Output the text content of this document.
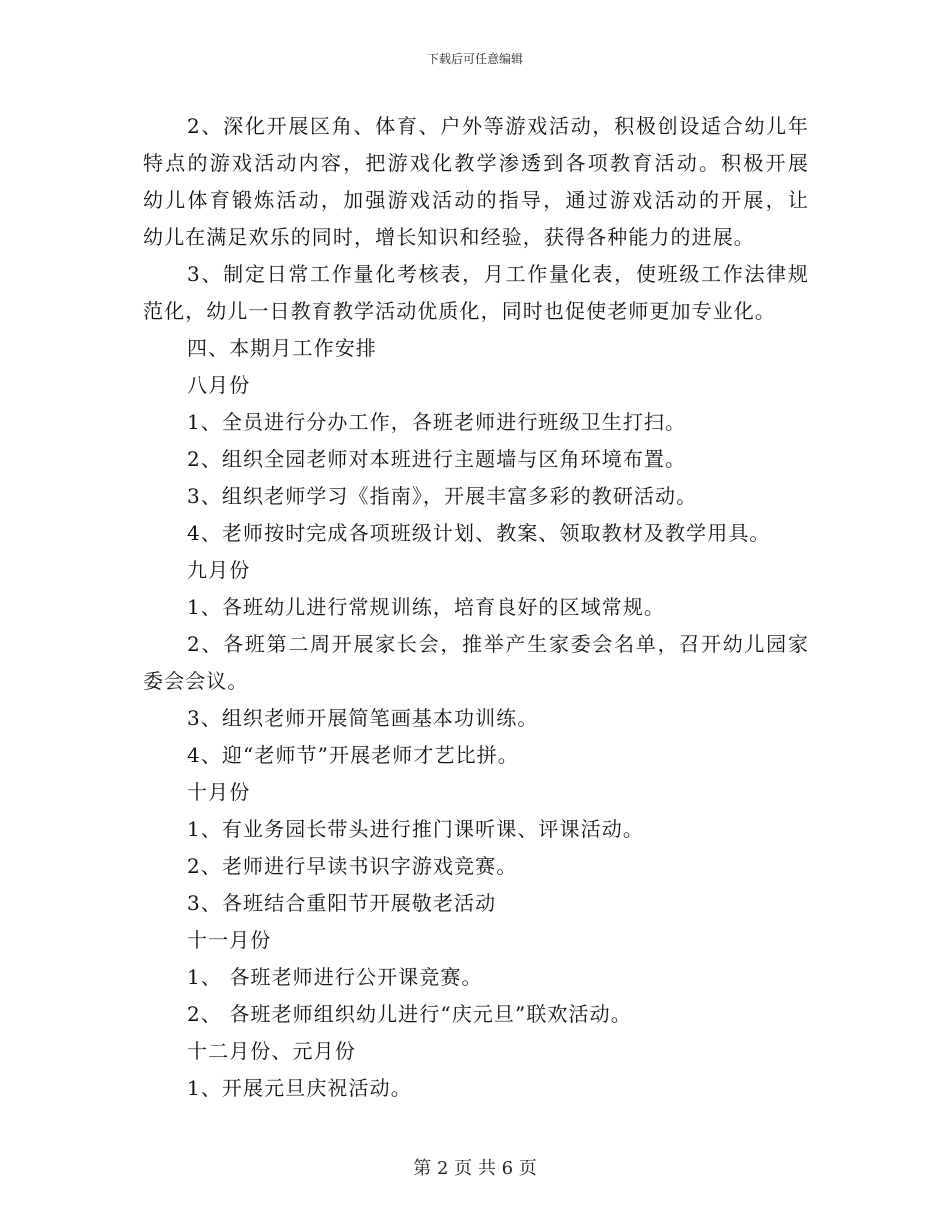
下载后可任意编辑
2、深化开展区角、体育、户外等游戏活动，积极创设适合幼儿年
特点的游戏活动内容，把游戏化教学渗透到各项教育活动。积极开展
幼儿体育锻炼活动，加强游戏活动的指导，通过游戏活动的开展，让
幼儿在满足欢乐的同时，增长知识和经验，获得各种能力的进展。
3、制定日常工作量化考核表，月工作量化表，使班级工作法律规
范化，幼儿一日教育教学活动优质化，同时也促使老师更加专业化。
四、本期月工作安排
八月份
1、全员进行分办工作，各班老师进行班级卫生打扫。
2、组织全园老师对本班进行主题墙与区角环境布置。
3、组织老师学习《指南》，开展丰富多彩的教研活动。
4、老师按时完成各项班级计划、教案、领取教材及教学用具。
九月份
1、各班幼儿进行常规训练，培育良好的区域常规。
2、各班第二周开展家长会，推举产生家委会名单，召开幼儿园家
委会会议。
3、组织老师开展简笔画基本功训练。
4、迎“老师节”开展老师才艺比拼。
十月份
1、有业务园长带头进行推门课听课、评课活动。
2、老师进行早读书识字游戏竞赛。
3、各班结合重阳节开展敬老活动
十一月份
1、 各班老师进行公开课竞赛。
2、 各班老师组织幼儿进行“庆元旦”联欢活动。
十二月份、元月份
1、开展元旦庆祝活动。
第 2 页 共 6 页
